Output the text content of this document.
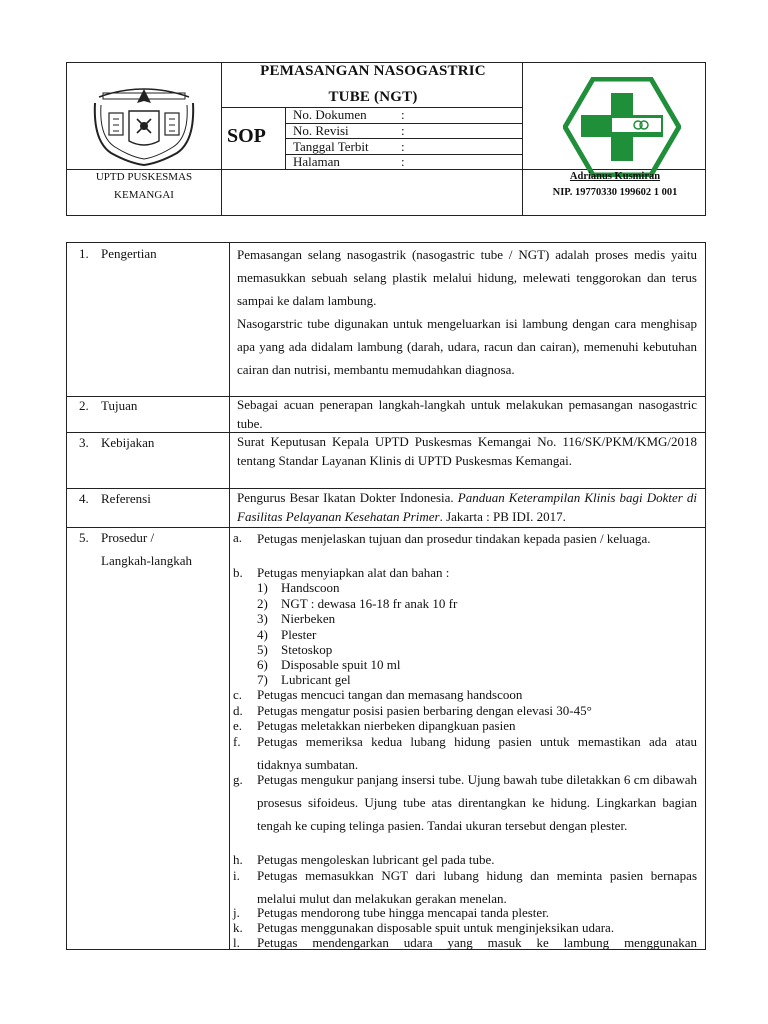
PEMASANGAN NASOGASTRIC
TUBE (NGT)
SOP
No. Dokumen	:
No. Revisi	:
Tanggal Terbit :
Halaman	:
UPTD PUSKESMAS
KEMANGAI
Adrianus Kusmiran
NIP. 19770330 199602 1 001
1. Pengertian	Pemasangan selang nasogastrik (nasogastric tube / NGT) adalah proses medis yaitu memasukkan sebuah selang plastik melalui hidung, melewati tenggorokan dan terus sampai ke dalam lambung.
Nasogarstric tube digunakan untuk mengeluarkan isi lambung dengan cara menghisap apa yang ada didalam lambung (darah, udara, racun dan cairan), memenuhi kebutuhan cairan dan nutrisi, membantu memudahkan diagnosa.
2. Tujuan	Sebagai acuan penerapan langkah-langkah untuk melakukan pemasangan nasogastric tube.
3. Kebijakan	Surat Keputusan Kepala UPTD Puskesmas Kemangai No. 116/SK/PKM/KMG/2018 tentang Standar Layanan Klinis di UPTD Puskesmas Kemangai.
4. Referensi	Pengurus Besar Ikatan Dokter Indonesia. Panduan Keterampilan Klinis bagi Dokter di Fasilitas Pelayanan Kesehatan Primer. Jakarta : PB IDI. 2017.
5. Prosedur /
Langkah-langkah
a. Petugas menjelaskan tujuan dan prosedur tindakan kepada pasien / keluaga.
b. Petugas menyiapkan alat dan bahan :
1) Handscoon
2) NGT : dewasa 16-18 fr anak 10 fr
3) Nierbeken
4) Plester
5) Stetoskop
6) Disposable spuit 10 ml
7) Lubricant gel
c. Petugas mencuci tangan dan memasang handscoon
d. Petugas mengatur posisi pasien berbaring dengan elevasi 30-45°
e. Petugas meletakkan nierbeken dipangkuan pasien
f. Petugas memeriksa kedua lubang hidung pasien untuk memastikan ada atau tidaknya sumbatan.
g. Petugas mengukur panjang insersi tube. Ujung bawah tube diletakkan 6 cm dibawah prosesus sifoideus. Ujung tube atas direntangkan ke hidung. Lingkarkan bagian tengah ke cuping telinga pasien. Tandai ukuran tersebut dengan plester.
h. Petugas mengoleskan lubricant gel pada tube.
i. Petugas memasukkan NGT dari lubang hidung dan meminta pasien bernapas melalui mulut dan melakukan gerakan menelan.
j. Petugas mendorong tube hingga mencapai tanda plester.
k. Petugas menggunakan disposable spuit untuk menginjeksikan udara.
l. Petugas mendengarkan udara yang masuk ke lambung menggunakan
